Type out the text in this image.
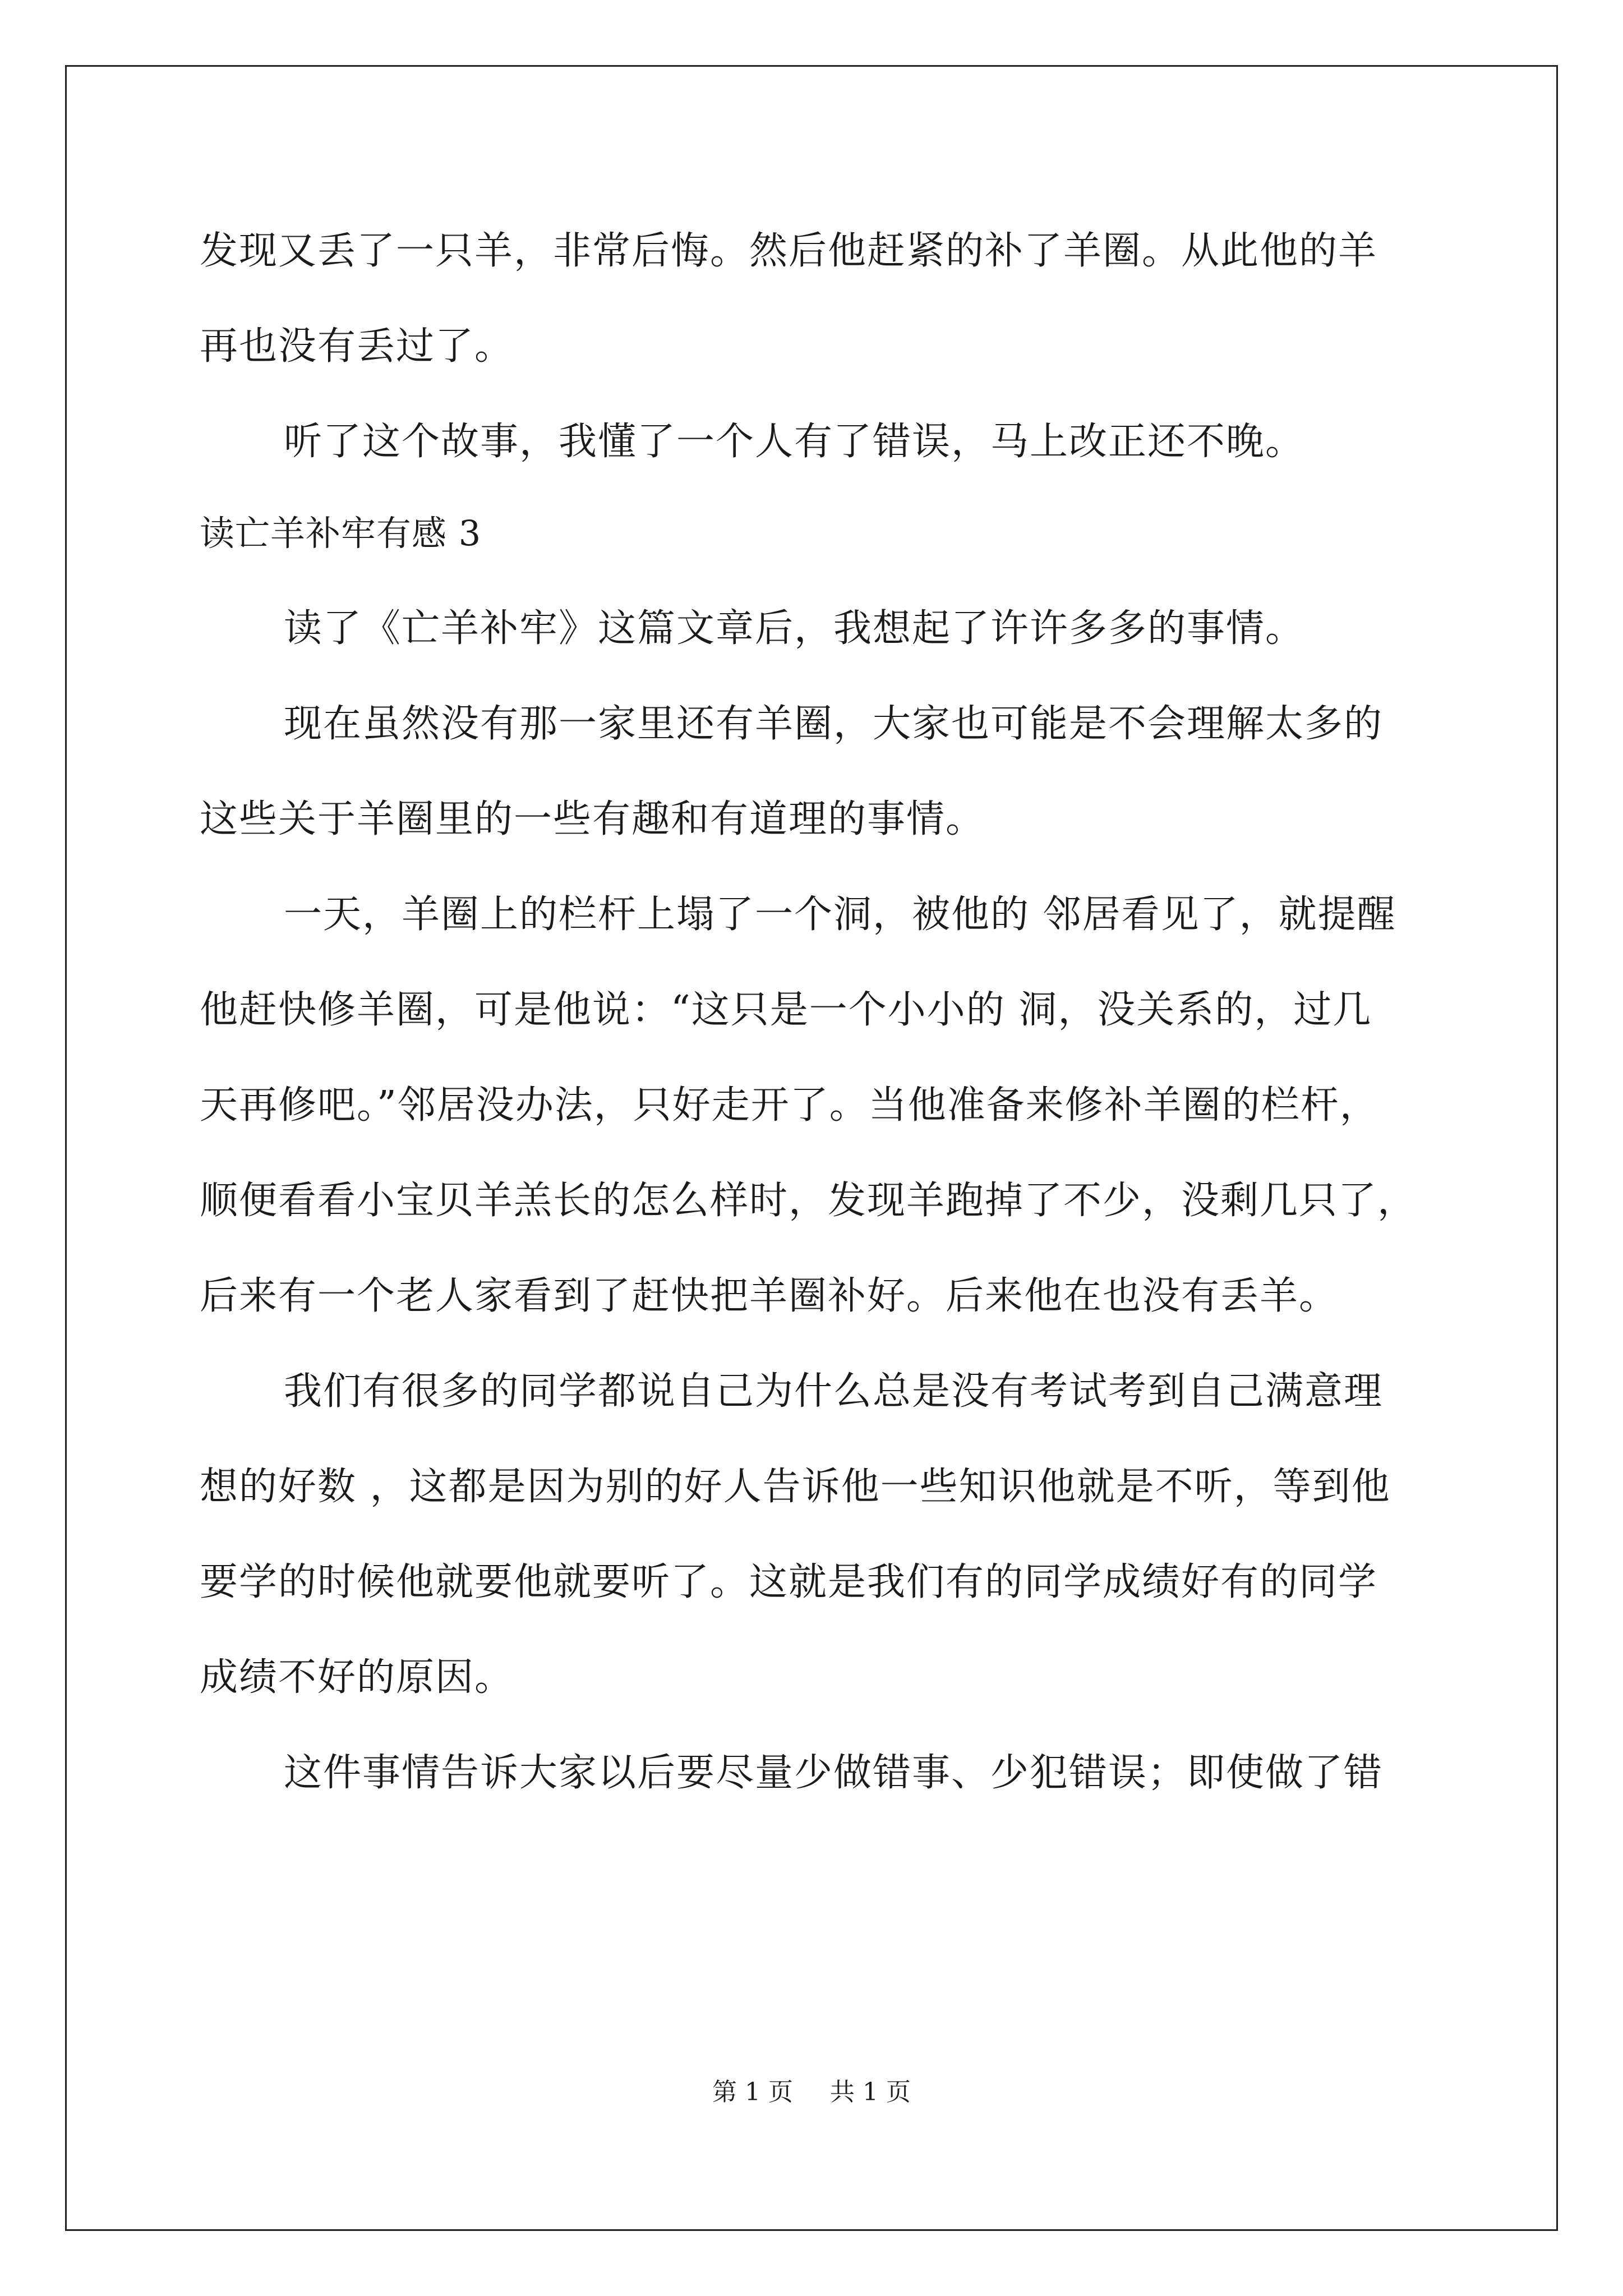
发现又丢了一只羊，非常后悔。然后他赶紧的补了羊圈。从此他的羊
再也没有丢过了。
听了这个故事，我懂了一个人有了错误，马上改正还不晚。
读亡羊补牢有感 3
读了《亡羊补牢》这篇文章后，我想起了许许多多的事情。
现在虽然没有那一家里还有羊圈，大家也可能是不会理解太多的
这些关于羊圈里的一些有趣和有道理的事情。
一天，羊圈上的栏杆上塌了一个洞，被他的 邻居看见了，就提醒
他赶快修羊圈，可是他说：“这只是一个小小的 洞，没关系的，过几
天再修吧。”邻居没办法，只好走开了。当他准备来修补羊圈的栏杆，
顺便看看小宝贝羊羔长的怎么样时，发现羊跑掉了不少，没剩几只了，
后来有一个老人家看到了赶快把羊圈补好。后来他在也没有丢羊。
我们有很多的同学都说自己为什么总是没有考试考到自己满意理
想的好数 ，这都是因为别的好人告诉他一些知识他就是不听，等到他
要学的时候他就要他就要听了。这就是我们有的同学成绩好有的同学
成绩不好的原因。
这件事情告诉大家以后要尽量少做错事、少犯错误；即使做了错
第 1 页 共 1 页
